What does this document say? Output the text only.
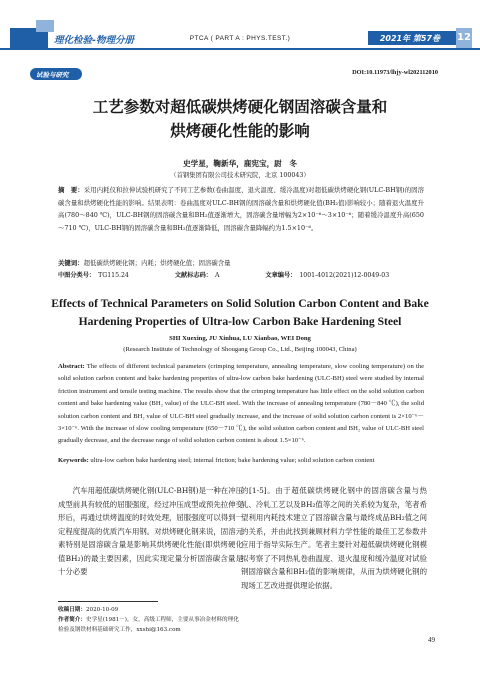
理化检验-物理分册	PTCA ( PART A : PHYS.TEST.)	2021年 第57卷 12
试验与研究	DOI:10.11973/lhjy-wl202112010
工艺参数对超低碳烘烤硬化钢固溶碳含量和
烘烤硬化性能的影响
史学星，鞠新华，鹿宪宝，尉　冬
（首钢集团有限公司技术研究院，北京 100043）
摘　要：采用内耗仪和拉伸试验机研究了不同工艺参数(卷曲温度、退火温度、缓冷温度)对超低碳烘烤硬化钢(ULC-BH钢)的固溶碳含量和烘烤硬化性能的影响。结果表明：卷曲温度对ULC-BH钢的固溶碳含量和烘烤硬化值(BH₂值)影响较小；随着退火温度升高(780～840 ℃)，ULC-BH钢的固溶碳含量和BH₂值逐渐增大，固溶碳含量增幅为2×10⁻⁶～3×10⁻⁶；随着缓冷温度升高(650～710 ℃)，ULC-BH钢的固溶碳含量和BH₂值逐渐降低，固溶碳含量降幅约为1.5×10⁻⁶。
关键词：超低碳烘烤硬化钢；内耗；烘烤硬化值；固溶碳含量
中图分类号： TG115.24	文献标志码： A	文章编号： 1001-4012(2021)12-0049-03
Effects of Technical Parameters on Solid Solution Carbon Content and Bake Hardening Properties of Ultra-low Carbon Bake Hardening Steel
SHI Xuexing, JU Xinhua, LU Xianbao, WEI Dong
(Research Institute of Technology of Shougang Group Co., Ltd., Beijing 100043, China)
Abstract: The effects of different technical parameters (crimping temperature, annealing temperature, slow cooling temperature) on the solid solution carbon content and bake hardening properties of ultra-low carbon bake hardening (ULC-BH) steel were studied by internal friction instrument and tensile testing machine. The results show that the crimping temperature has little effect on the solid solution carbon content and bake hardening value (BH₂ value) of the ULC-BH steel. With the increase of annealing temperature (780－840 ℃), the solid solution carbon content and BH₂ value of ULC-BH steel gradually increase, and the increase of solid solution carbon content is 2×10⁻⁶－3×10⁻⁶. With the increase of slow cooling temperature (650－710 ℃), the solid solution carbon content and BH₂ value of ULC-BH steel gradually decrease, and the decrease range of solid solution carbon content is about 1.5×10⁻⁶.
Keywords: ultra-low carbon bake hardening steel; internal friction; bake hardening value; solid solution carbon content
汽车用超低碳烘烤硬化钢(ULC-BH钢)是一种在冲压成型前具有较低的屈服强度，经过冲压成型或预先拉伸变形后，再通过烘烤温度的时效处理，屈服强度可以得到一定程度提高的优质汽车用钢。对烘烤硬化钢来说，固溶元素特别是固溶碳含量是影响其烘烤硬化性能(即烘烤硬化值BH₂)的最主要因素，因此实现定量分析固溶碳含量是十分必要
的[1-5]。由于超低碳烘烤硬化钢中的固溶碳含量与热轧、冷轧工艺以及BH₂值等之间的关系较为复杂，笔者希望利用内耗技术建立了固溶碳含量与最终成品BH₂值之间的关系，并由此找到兼顾材料力学性能的最佳工艺参数并应用于指导实际生产。笔者主要针对超低碳烘烤硬化钢模拟考察了不同热轧卷曲温度、退火温度和缓冷温度对试验钢固溶碳含量和BH₂值的影响规律，从而为烘烤硬化钢的现场工艺改进提供理论依据。
收稿日期：2020-10-09
作者简介：史学星(1981－)，女，高级工程师，主要从事冶金材料的理化检验及钢铁材料基础研究工作，xxshi@163.com
49
